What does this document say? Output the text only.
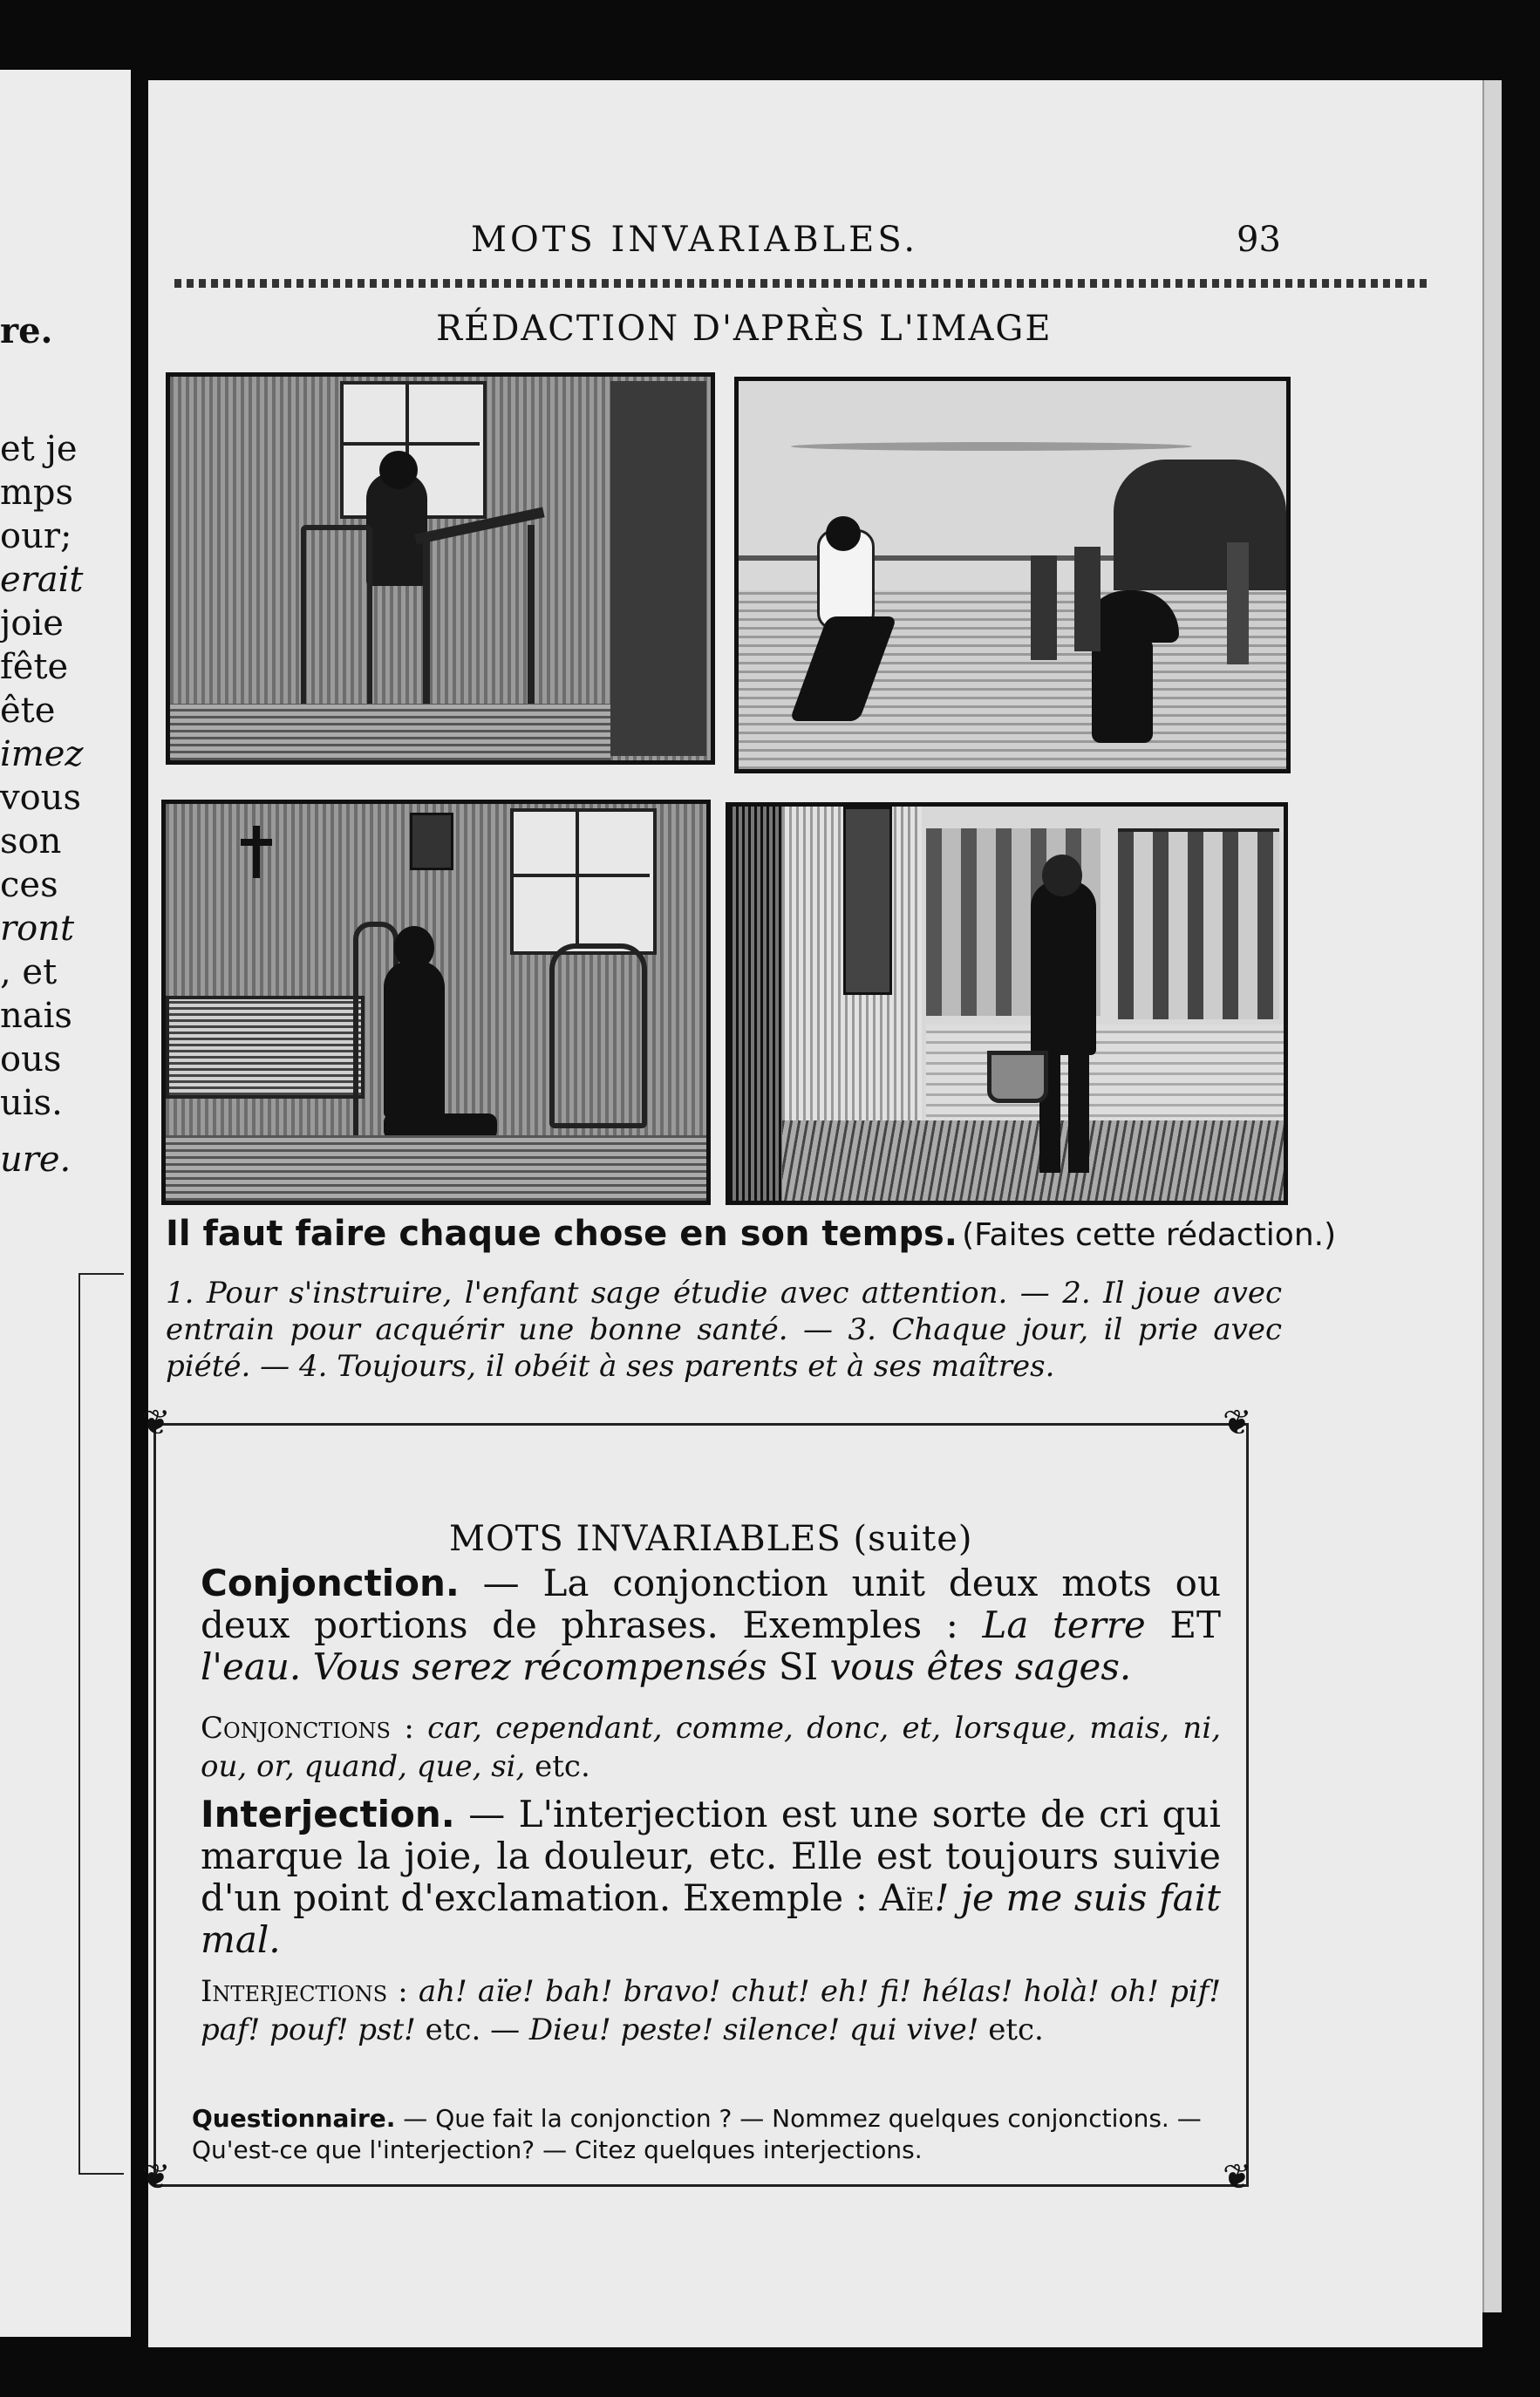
re.
et je
mps
our;
erait
joie
fête
ête
imez
vous
son
ces
ront
, et
nais
ous
uis.
ure.
MOTS INVARIABLES.	93
RÉDACTION D'APRÈS L'IMAGE
Il faut faire chaque chose en son temps. (Faites cette rédaction.)
1. Pour s'instruire, l'enfant sage étudie avec attention. — 2. Il joue avec entrain pour acquérir une bonne santé. — 3. Chaque jour, il prie avec piété. — 4. Toujours, il obéit à ses parents et à ses maîtres.
❦	❦
❦	❦
MOTS INVARIABLES (suite)
Conjonction. — La conjonction unit deux mots ou deux portions de phrases. Exemples : La terre ET l'eau. Vous serez récompensés SI vous êtes sages.
Conjonctions : car, cependant, comme, donc, et, lorsque, mais, ni, ou, or, quand, que, si, etc.
Interjection. — L'interjection est une sorte de cri qui marque la joie, la douleur, etc. Elle est toujours suivie d'un point d'exclamation. Exemple : Aïe! je me suis fait mal.
Interjections : ah! aïe! bah! bravo! chut! eh! fi! hélas! holà! oh! pif! paf! pouf! pst! etc. — Dieu! peste! silence! qui vive! etc.
Questionnaire. — Que fait la conjonction ? — Nommez quelques conjonctions. — Qu'est-ce que l'interjection? — Citez quelques interjections.
